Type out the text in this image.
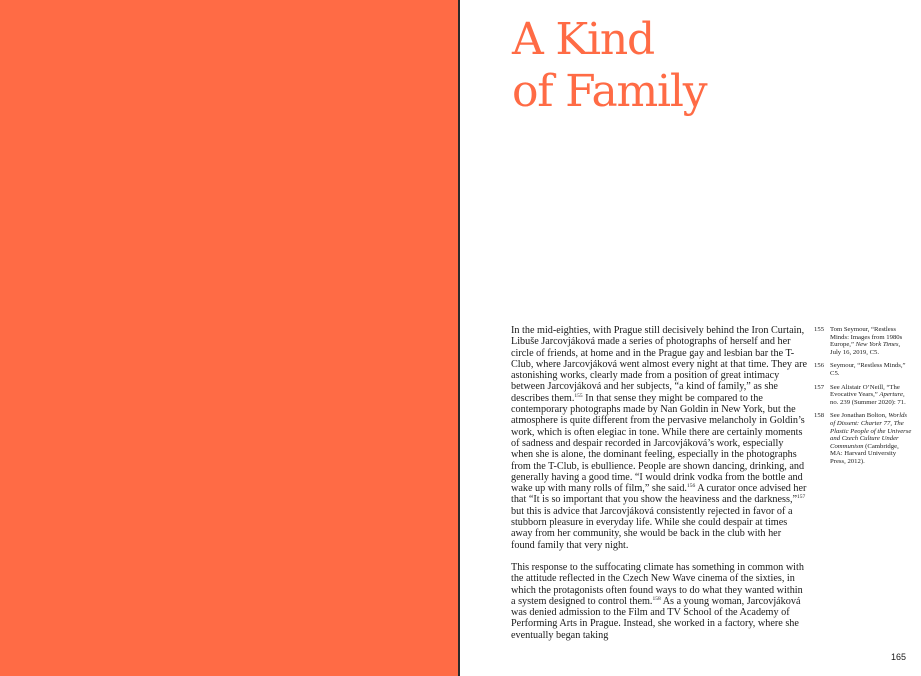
A Kind
of Family

In the mid-eighties, with Prague still decisively behind the Iron Curtain, Libuše Jarcovjáková made a series of photographs of herself and her circle of friends, at home and in the Prague gay and lesbian bar the T-Club, where Jarcovjáková went almost every night at that time. They are astonishing works, clearly made from a position of great intimacy between Jarcovjáková and her subjects, “a kind of family,” as she describes them.$^{155}$ In that sense they might be compared to the contemporary photographs made by Nan Goldin in New York, but the atmosphere is quite different from the pervasive melancholy in Goldin’s work, which is often elegiac in tone. While there are certainly moments of sadness and despair recorded in Jarcovjáková’s work, especially when she is alone, the dominant feeling, especially in the photographs from the T-Club, is ebullience. People are shown dancing, drinking, and generally having a good time. “I would drink vodka from the bottle and wake up with many rolls of film,” she said.$^{156}$ A curator once advised her that “It is so important that you show the heaviness and the darkness,”$^{157}$ but this is advice that Jarcovjáková consistently rejected in favor of a stubborn pleasure in everyday life. While she could despair at times away from her community, she would be back in the club with her found family that very night.

This response to the suffocating climate has something in common with the attitude reflected in the Czech New Wave cinema of the sixties, in which the protagonists often found ways to do what they wanted within a system designed to control them.$^{158}$ As a young woman, Jarcovjáková was denied admission to the Film and TV School of the Academy of Performing Arts in Prague. Instead, she worked in a factory, where she eventually began taking

155 Tom Seymour, “Restless Minds: Images from 1980s Europe,” New York Times, July 16, 2019, C5.
156 Seymour, “Restless Minds,” C5.
157 See Alistair O’Neill, “The Evocative Years,” Aperture, no. 239 (Summer 2020): 71.
158 See Jonathan Bolton, Worlds of Dissent: Charter 77, The Plastic People of the Universe and Czech Culture Under Communism (Cambridge, MA: Harvard University Press, 2012).
165
